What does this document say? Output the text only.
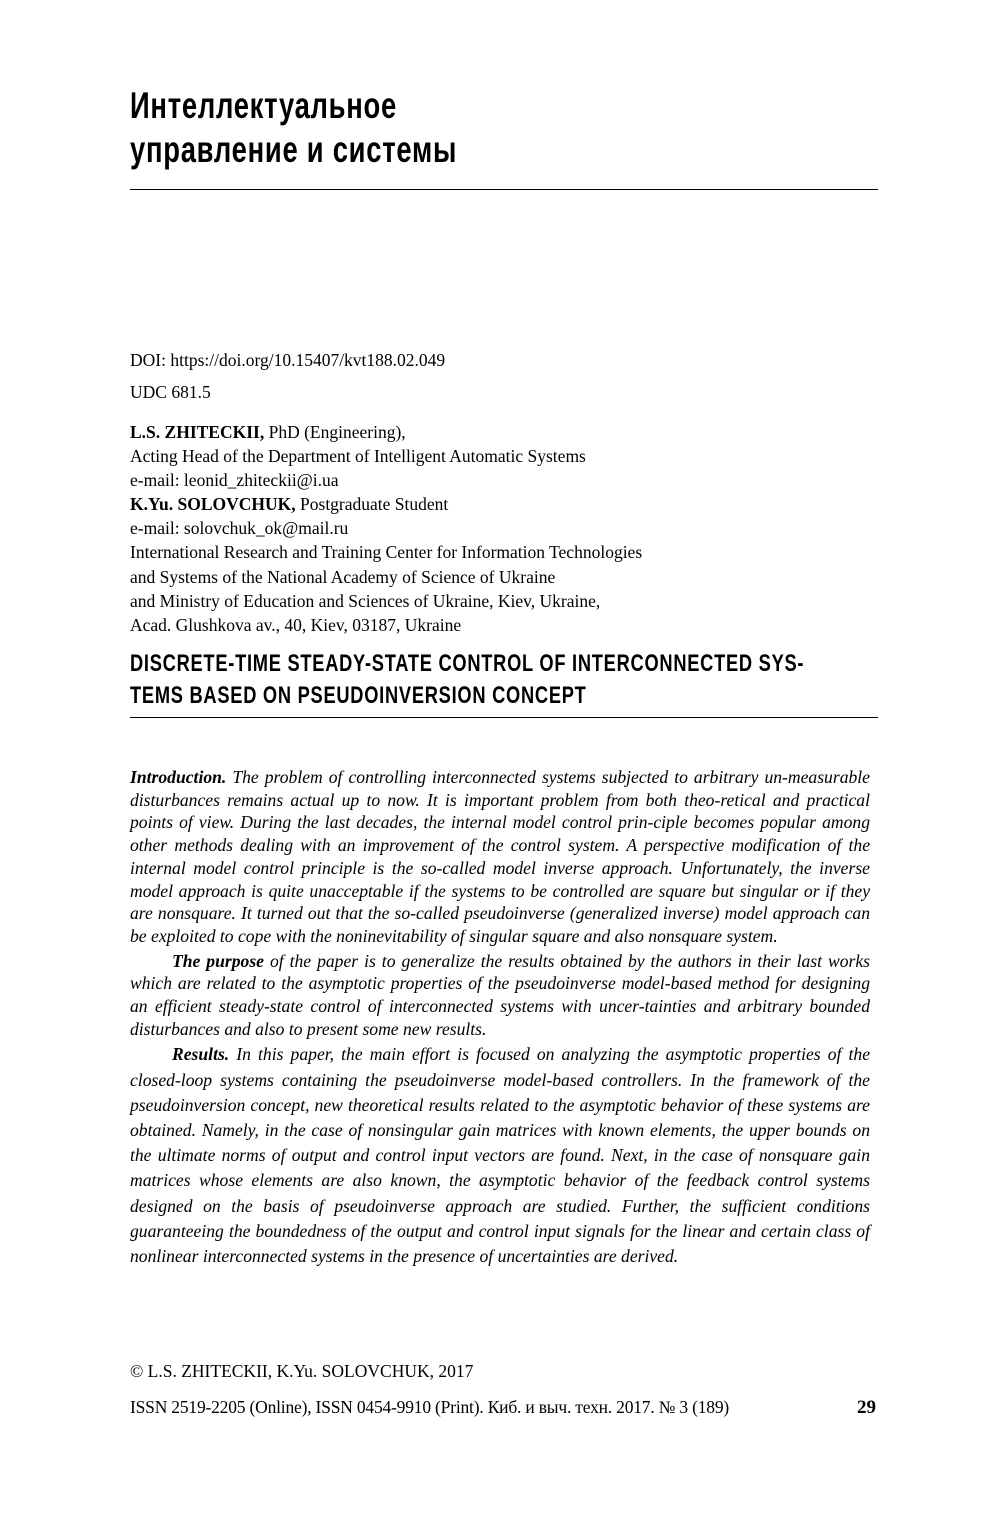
Интеллектуальное
управление и системы
DOI: https://doi.org/10.15407/kvt188.02.049
UDC 681.5
L.S. ZHITECKII, PhD (Engineering),
Acting Head of the Department of Intelligent Automatic Systems
e-mail: leonid_zhiteckii@i.ua
K.Yu. SOLOVCHUK, Postgraduate Student
e-mail: solovchuk_ok@mail.ru
International Research and Training Center for Information Technologies
and Systems of the National Academy of Science of Ukraine
and Ministry of Education and Sciences of Ukraine, Kiev, Ukraine,
Acad. Glushkova av., 40, Kiev, 03187, Ukraine
DISCRETE-TIME STEADY-STATE CONTROL OF INTERCONNECTED SYS-
TEMS BASED ON PSEUDOINVERSION CONCEPT

Introduction. The problem of controlling interconnected systems subjected to arbitrary un-measurable disturbances remains actual up to now. It is important problem from both theo-retical and practical points of view. During the last decades, the internal model control prin-ciple becomes popular among other methods dealing with an improvement of the control system. A perspective modification of the internal model control principle is the so-called model inverse approach. Unfortunately, the inverse model approach is quite unacceptable if the systems to be controlled are square but singular or if they are nonsquare. It turned out that the so-called pseudoinverse (generalized inverse) model approach can be exploited to cope with the noninevitability of singular square and also nonsquare system.

The purpose of the paper is to generalize the results obtained by the authors in their last works which are related to the asymptotic properties of the pseudoinverse model-based method for designing an efficient steady-state control of interconnected systems with uncer-tainties and arbitrary bounded disturbances and also to present some new results.

Results. In this paper, the main effort is focused on analyzing the asymptotic properties of the closed-loop systems containing the pseudoinverse model-based controllers. In the framework of the pseudoinversion concept, new theoretical results related to the asymptotic behavior of these systems are obtained. Namely, in the case of nonsingular gain matrices with known elements, the upper bounds on the ultimate norms of output and control input vectors are found. Next, in the case of nonsquare gain matrices whose elements are also known, the asymptotic behavior of the feedback control systems designed on the basis of pseudoinverse approach are studied. Further, the sufficient conditions guaranteeing the boundedness of the output and control input signals for the linear and certain class of nonlinear interconnected systems in the presence of uncertainties are derived.

© L.S. ZHITECKII, K.Yu. SOLOVCHUK, 2017
ISSN 2519-2205 (Online), ISSN 0454-9910 (Print). Киб. и выч. техн. 2017. № 3 (189)	29
